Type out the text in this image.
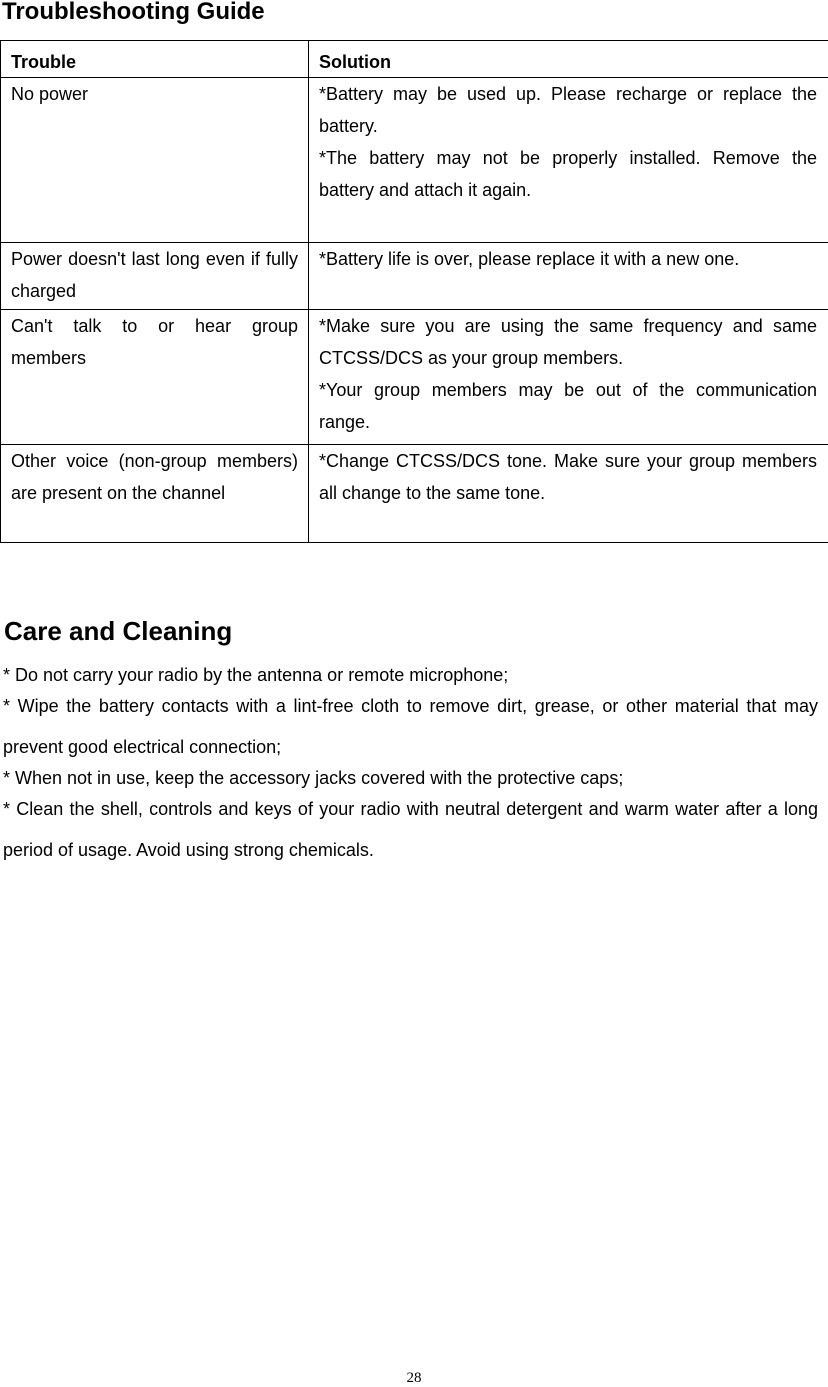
Troubleshooting Guide
Trouble	Solution
No power	*Battery may be used up. Please recharge or replace the battery.
*The battery may not be properly installed. Remove the battery and attach it again.

Power doesn't last long even if fully charged	*Battery life is over, please replace it with a new one.

Can't talk to or hear group members	*Make sure you are using the same frequency and same CTCSS/DCS as your group members.
*Your group members may be out of the communication range.

Other voice (non-group members) are present on the channel	*Change CTCSS/DCS tone. Make sure your group members all change to the same tone.
Care and Cleaning
* Do not carry your radio by the antenna or remote microphone;
* Wipe the battery contacts with a lint-free cloth to remove dirt, grease, or other material that may prevent good electrical connection;
* When not in use, keep the accessory jacks covered with the protective caps;
* Clean the shell, controls and keys of your radio with neutral detergent and warm water after a long period of usage. Avoid using strong chemicals.
28
